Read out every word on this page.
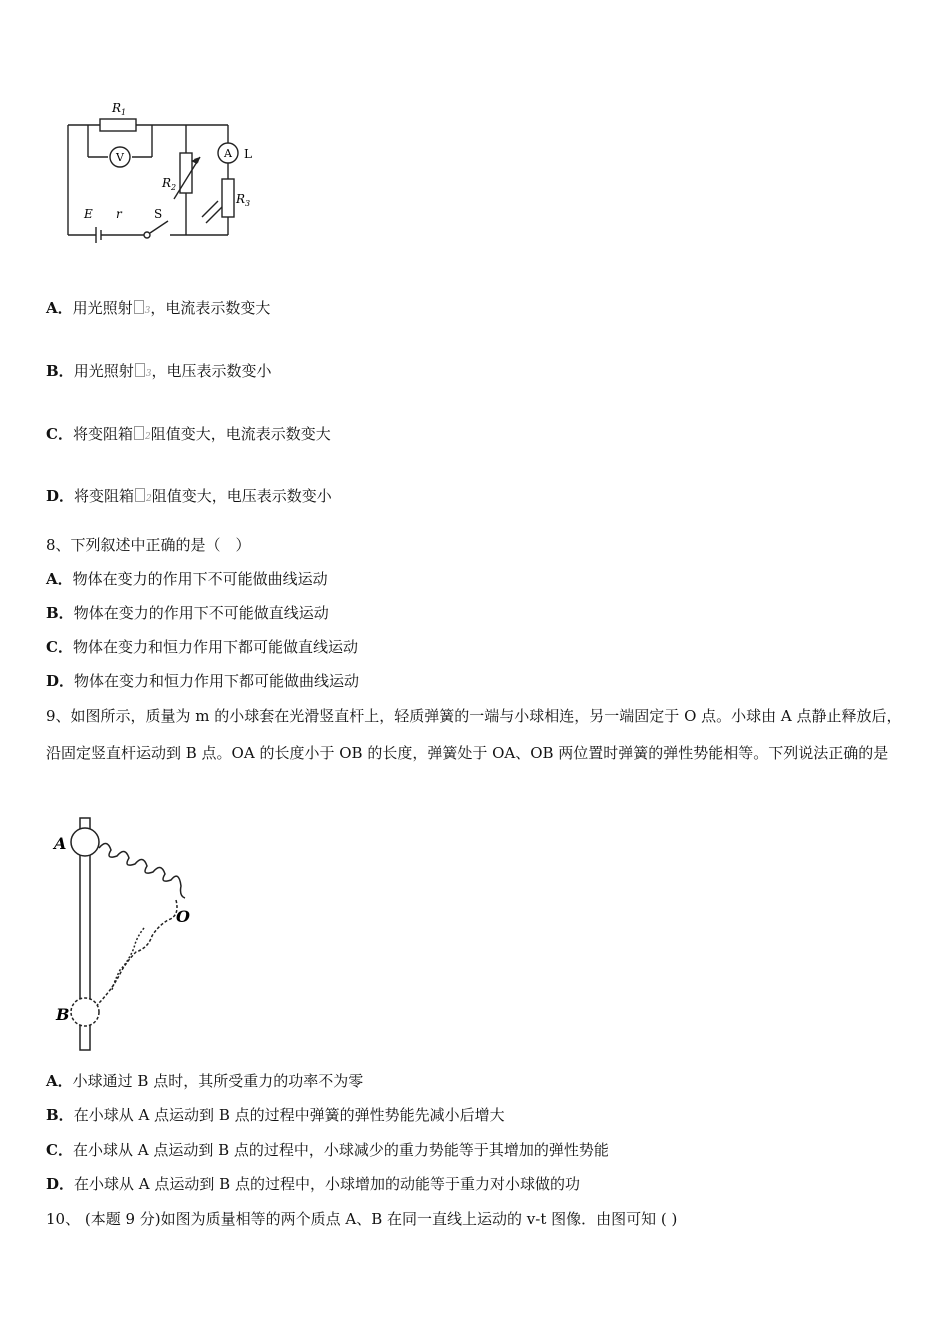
$R_1$
V	A L
$R_2$
$R_3$
E r	S
A．用光照射 3，电流表示数变大
B．用光照射 3，电压表示数变小
C．将变阻箱 2阻值变大，电流表示数变大
D．将变阻箱 2阻值变大，电压表示数变小
8、下列叙述中正确的是（　）
A．物体在变力的作用下不可能做曲线运动
B．物体在变力的作用下不可能做直线运动
C．物体在变力和恒力作用下都可能做直线运动
D．物体在变力和恒力作用下都可能做曲线运动
9、如图所示，质量为 m 的小球套在光滑竖直杆上，轻质弹簧的一端与小球相连，另一端固定于 O 点。小球由 A 点静止释放后，沿固定竖直杆运动到 B 点。OA 的长度小于 OB 的长度，弹簧处于 OA、OB 两位置时弹簧的弹性势能相等。下列说法正确的是
A
O
B
A．小球通过 B 点时，其所受重力的功率不为零
B．在小球从 A 点运动到 B 点的过程中弹簧的弹性势能先减小后增大
C．在小球从 A 点运动到 B 点的过程中，小球减少的重力势能等于其增加的弹性势能
D．在小球从 A 点运动到 B 点的过程中，小球增加的动能等于重力对小球做的功
10、 (本题 9 分)如图为质量相等的两个质点 A、B 在同一直线上运动的 v-t 图像．由图可知 ( )
